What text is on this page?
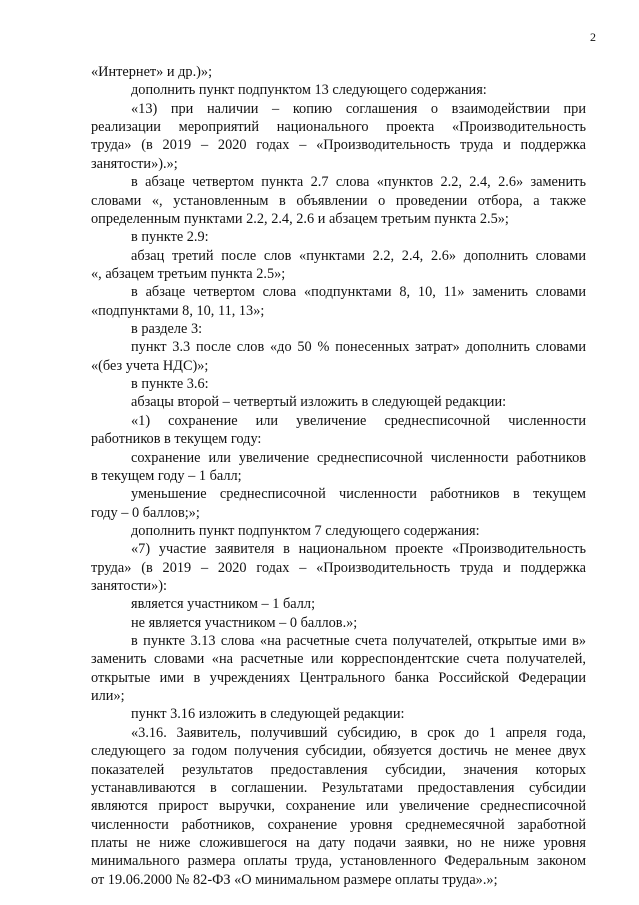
2
«Интернет» и др.)»;
дополнить пункт подпунктом 13 следующего содержания:
«13) при наличии – копию соглашения о взаимодействии при
реализации мероприятий национального проекта «Производительность
труда» (в 2019 – 2020 годах – «Производительность труда и поддержка
занятости»).»;
в абзаце четвертом пункта 2.7 слова «пунктов 2.2, 2.4, 2.6» заменить
словами «, установленным в объявлении о проведении отбора, а также
определенным пунктами 2.2, 2.4, 2.6 и абзацем третьим пункта 2.5»;
в пункте 2.9:
абзац третий после слов «пунктами 2.2, 2.4, 2.6» дополнить словами
«, абзацем третьим пункта 2.5»;
в абзаце четвертом слова «подпунктами 8, 10, 11» заменить словами
«подпунктами 8, 10, 11, 13»;
в разделе 3:
пункт 3.3 после слов «до 50 % понесенных затрат» дополнить словами
«(без учета НДС)»;
в пункте 3.6:
абзацы второй – четвертый изложить в следующей редакции:
«1) сохранение или увеличение среднесписочной численности
работников в текущем году:
сохранение или увеличение среднесписочной численности работников
в текущем году – 1 балл;
уменьшение среднесписочной численности работников в текущем
году – 0 баллов;»;
дополнить пункт подпунктом 7 следующего содержания:
«7) участие заявителя в национальном проекте «Производительность
труда» (в 2019 – 2020 годах – «Производительность труда и поддержка
занятости»):
является участником – 1 балл;
не является участником – 0 баллов.»;
в пункте 3.13 слова «на расчетные счета получателей, открытые ими в»
заменить словами «на расчетные или корреспондентские счета получателей,
открытые ими в учреждениях Центрального банка Российской Федерации
или»;
пункт 3.16 изложить в следующей редакции:
«3.16. Заявитель, получивший субсидию, в срок до 1 апреля года,
следующего за годом получения субсидии, обязуется достичь не менее двух
показателей результатов предоставления субсидии, значения которых
устанавливаются в соглашении. Результатами предоставления субсидии
являются прирост выручки, сохранение или увеличение среднесписочной
численности работников, сохранение уровня среднемесячной заработной
платы не ниже сложившегося на дату подачи заявки, но не ниже уровня
минимального размера оплаты труда, установленного Федеральным законом
от 19.06.2000 № 82-ФЗ «О минимальном размере оплаты труда».»;
